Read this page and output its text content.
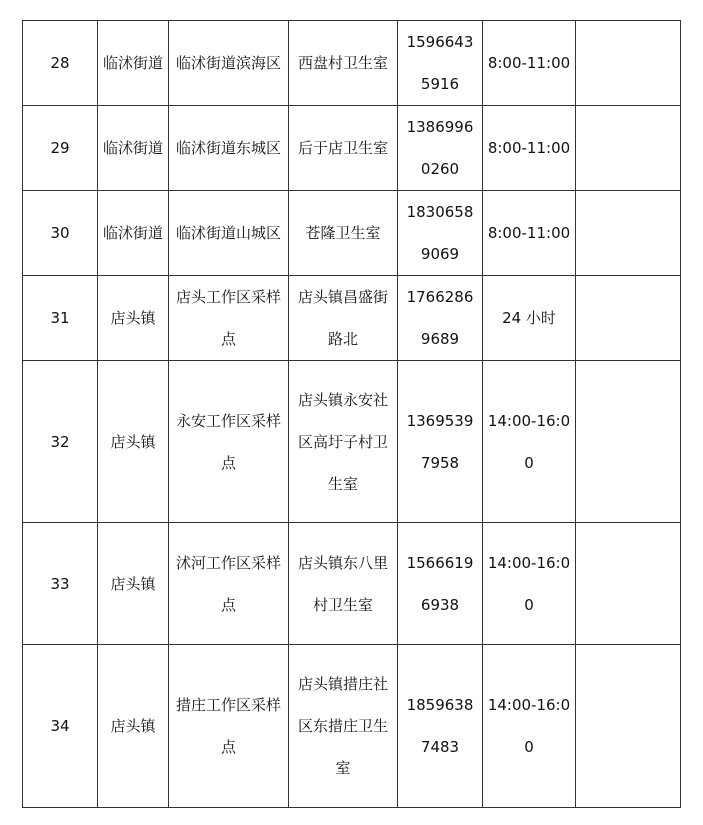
28	临沭街道	临沭街道滨海区	西盘村卫生室	15966435916	8:00-11:00	
29	临沭街道	临沭街道东城区	后于店卫生室	13869960260	8:00-11:00	
30	临沭街道	临沭街道山城区	苍隆卫生室	18306589069	8:00-11:00	
31	店头镇	店头工作区采样点	店头镇昌盛街路北	17662869689	24 小时	
32	店头镇	永安工作区采样点	店头镇永安社区高圩子村卫生室	13695397958	14:00-16:00	
33	店头镇	沭河工作区采样点	店头镇东八里村卫生室	15666196938	14:00-16:00	
34	店头镇	措庄工作区采样点	店头镇措庄社区东措庄卫生室	18596387483	14:00-16:00	
